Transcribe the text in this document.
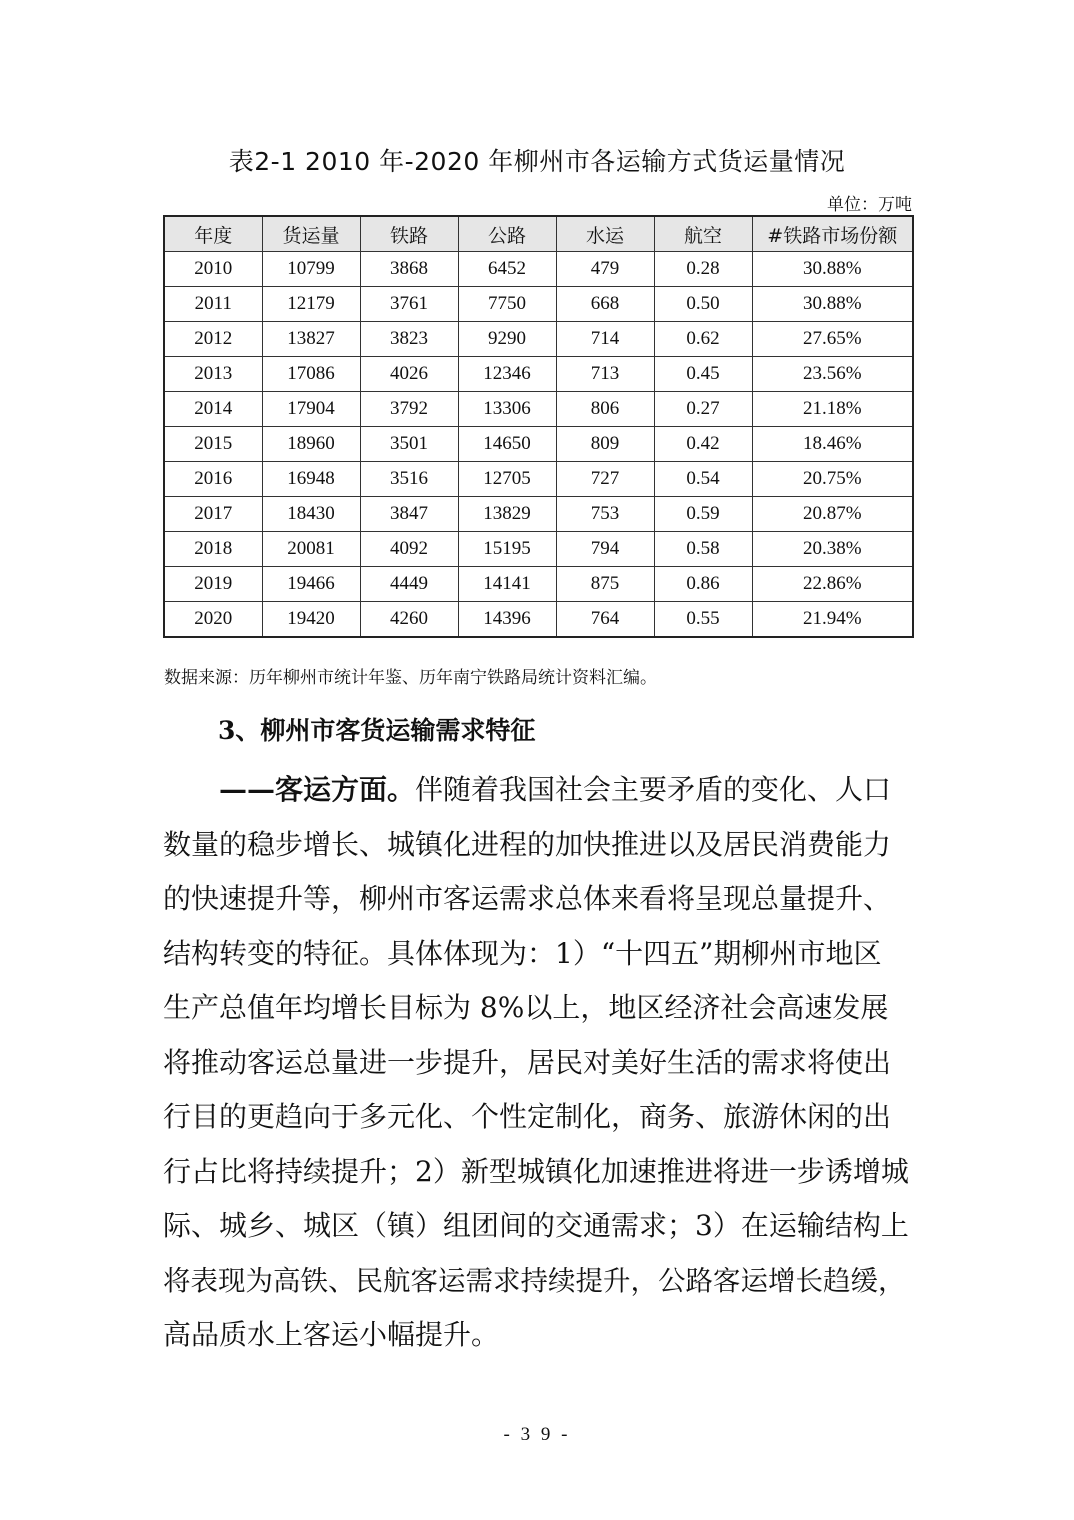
表2-1 2010 年-2020 年柳州市各运输方式货运量情况
单位：万吨
年度	货运量	铁路	公路	水运	航空	#铁路市场份额
2010	10799	3868	6452	479	0.28	30.88%
2011	12179	3761	7750	668	0.50	30.88%
2012	13827	3823	9290	714	0.62	27.65%
2013	17086	4026	12346	713	0.45	23.56%
2014	17904	3792	13306	806	0.27	21.18%
2015	18960	3501	14650	809	0.42	18.46%
2016	16948	3516	12705	727	0.54	20.75%
2017	18430	3847	13829	753	0.59	20.87%
2018	20081	4092	15195	794	0.58	20.38%
2019	19466	4449	14141	875	0.86	22.86%
2020	19420	4260	14396	764	0.55	21.94%
数据来源：历年柳州市统计年鉴、历年南宁铁路局统计资料汇编。
3、柳州市客货运输需求特征
——客运方面。伴随着我国社会主要矛盾的变化、人口
数量的稳步增长、城镇化进程的加快推进以及居民消费能力
的快速提升等，柳州市客运需求总体来看将呈现总量提升、
结构转变的特征。具体体现为：1）“十四五”期柳州市地区
生产总值年均增长目标为 8%以上，地区经济社会高速发展
将推动客运总量进一步提升，居民对美好生活的需求将使出
行目的更趋向于多元化、个性定制化，商务、旅游休闲的出
行占比将持续提升；2）新型城镇化加速推进将进一步诱增城
际、城乡、城区（镇）组团间的交通需求；3）在运输结构上
将表现为高铁、民航客运需求持续提升，公路客运增长趋缓，
高品质水上客运小幅提升。
- 3 9 -
